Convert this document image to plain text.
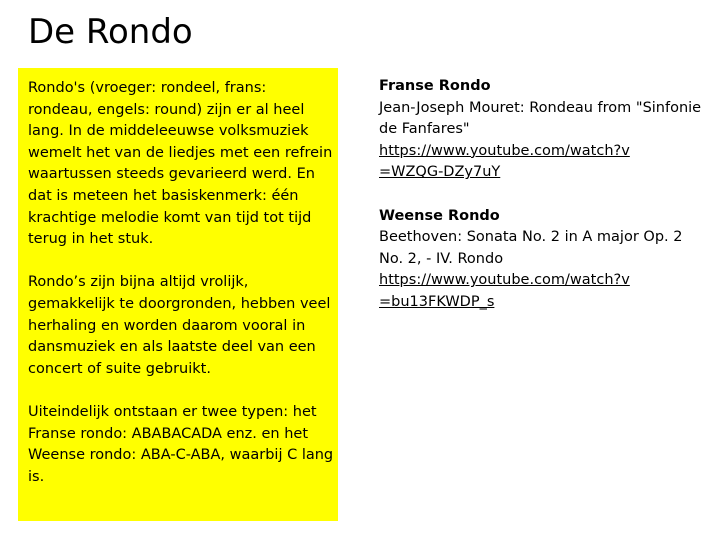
De Rondo

Rondo's (vroeger: rondeel, frans: rondeau, engels: round) zijn er al heel lang. In de middeleeuwse volksmuziek wemelt het van de liedjes met een refrein waartussen steeds gevarieerd werd. En dat is meteen het basiskenmerk: één krachtige melodie komt van tijd tot tijd terug in het stuk.

Rondo’s zijn bijna altijd vrolijk, gemakkelijk te doorgronden, hebben veel herhaling en worden daarom vooral in dansmuziek en als laatste deel van een concert of suite gebruikt.

Uiteindelijk ontstaan er twee typen: het Franse rondo: ABABACADA enz. en het Weense rondo: ABA-C-ABA, waarbij C lang is.

Franse Rondo
Jean-Joseph Mouret: Rondeau from "Sinfonie de Fanfares"
https://www.youtube.com/watch?v=WZQG-DZy7uY
Weense Rondo
Beethoven: Sonata No. 2 in A major Op. 2 No. 2, - IV. Rondo
https://www.youtube.com/watch?v=bu13FKWDP_s
